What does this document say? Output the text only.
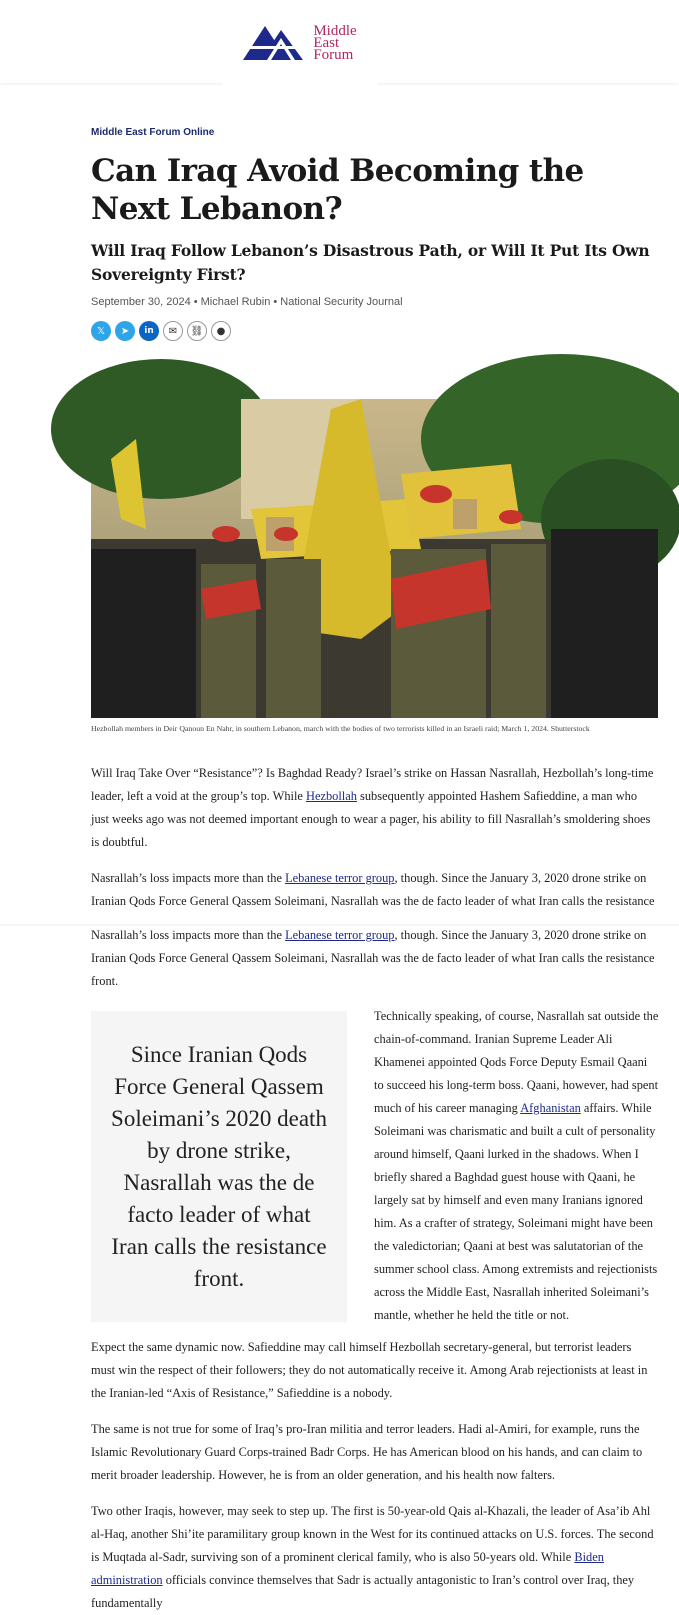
Middle
East
Forum
Middle East Forum Online
Can Iraq Avoid Becoming the Next Lebanon?
Will Iraq Follow Lebanon’s Disastrous Path, or Will It Put Its Own Sovereignty First?
September 30, 2024 • Michael Rubin • National Security Journal
𝕏	➤	in	✉	⛓	●
Hezbollah members in Deir Qanoun En Nahr, in southern Lebanon, march with the bodies of two terrorists killed in an Israeli raid; March 1, 2024. Shutterstock

Will Iraq Take Over “Resistance”? Is Baghdad Ready? Israel’s strike on Hassan Nasrallah, Hezbollah’s long-time leader, left a void at the group’s top. While Hezbollah subsequently appointed Hashem Safieddine, a man who just weeks ago was not deemed important enough to wear a pager, his ability to fill Nasrallah’s smoldering shoes is doubtful.

Nasrallah’s loss impacts more than the Lebanese terror group, though. Since the January 3, 2020 drone strike on Iranian Qods Force General Qassem Soleimani, Nasrallah was the de facto leader of what Iran calls the resistance

Nasrallah’s loss impacts more than the Lebanese terror group, though. Since the January 3, 2020 drone strike on Iranian Qods Force General Qassem Soleimani, Nasrallah was the de facto leader of what Iran calls the resistance front.

Since Iranian Qods Force General Qassem Soleimani’s 2020 death by drone strike, Nasrallah was the de facto leader of what Iran calls the resistance front.

Technically speaking, of course, Nasrallah sat outside the chain-of-command. Iranian Supreme Leader Ali Khamenei appointed Qods Force Deputy Esmail Qaani to succeed his long-term boss. Qaani, however, had spent much of his career managing Afghanistan affairs. While Soleimani was charismatic and built a cult of personality around himself, Qaani lurked in the shadows. When I briefly shared a Baghdad guest house with Qaani, he largely sat by himself and even many Iranians ignored him. As a crafter of strategy, Soleimani might have been the valedictorian; Qaani at best was salutatorian of the summer school class. Among extremists and rejectionists across the Middle East, Nasrallah inherited Soleimani’s mantle, whether he held the title or not.

Expect the same dynamic now. Safieddine may call himself Hezbollah secretary-general, but terrorist leaders must win the respect of their followers; they do not automatically receive it. Among Arab rejectionists at least in the Iranian-led “Axis of Resistance,” Safieddine is a nobody.

The same is not true for some of Iraq’s pro-Iran militia and terror leaders. Hadi al-Amiri, for example, runs the Islamic Revolutionary Guard Corps-trained Badr Corps. He has American blood on his hands, and can claim to merit broader leadership. However, he is from an older generation, and his health now falters.

Two other Iraqis, however, may seek to step up. The first is 50-year-old Qais al-Khazali, the leader of Asa’ib Ahl al-Haq, another Shi’ite paramilitary group known in the West for its continued attacks on U.S. forces. The second is Muqtada al-Sadr, surviving son of a prominent clerical family, who is also 50-years old. While Biden administration officials convince themselves that Sadr is actually antagonistic to Iran’s control over Iraq, they fundamentally
